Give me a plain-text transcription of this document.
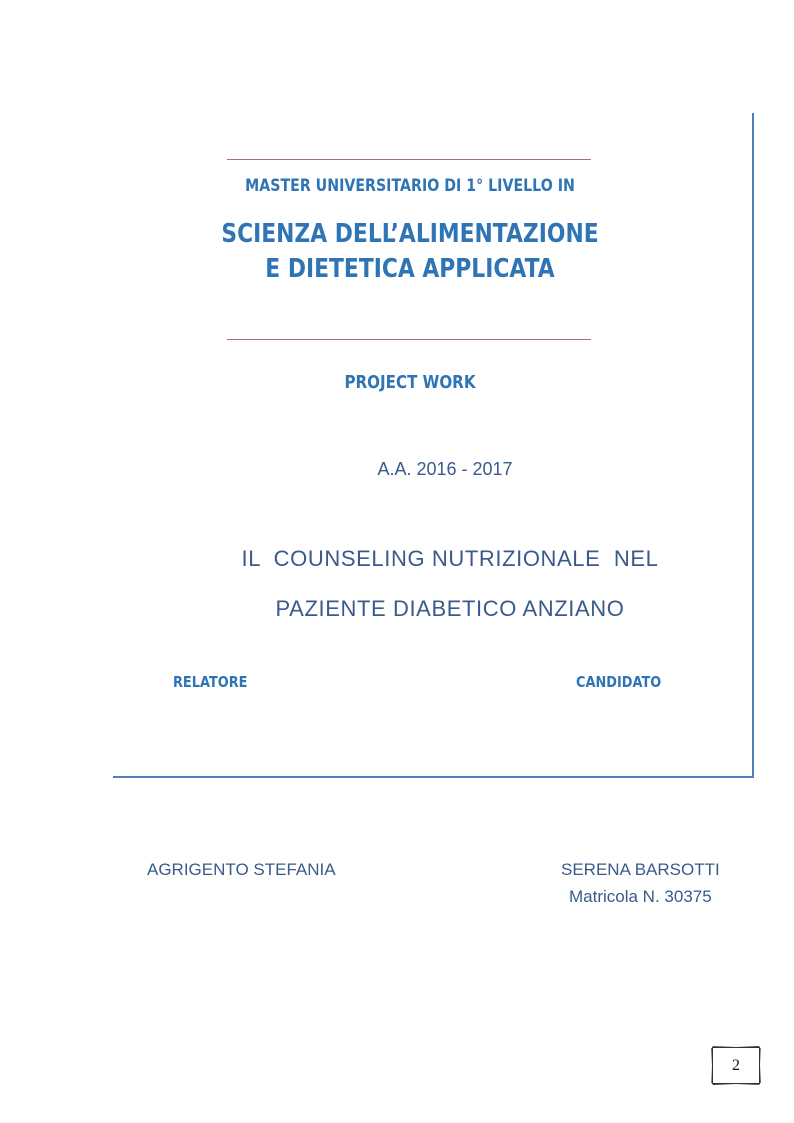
MASTER UNIVERSITARIO DI 1° LIVELLO IN
SCIENZA DELL’ALIMENTAZIONE
E DIETETICA APPLICATA
PROJECT WORK
A.A. 2016 - 2017
IL  COUNSELING NUTRIZIONALE  NEL
PAZIENTE DIABETICO ANZIANO
RELATORE	CANDIDATO
AGRIGENTO STEFANIA	SERENA BARSOTTI
Matricola N. 30375
2
